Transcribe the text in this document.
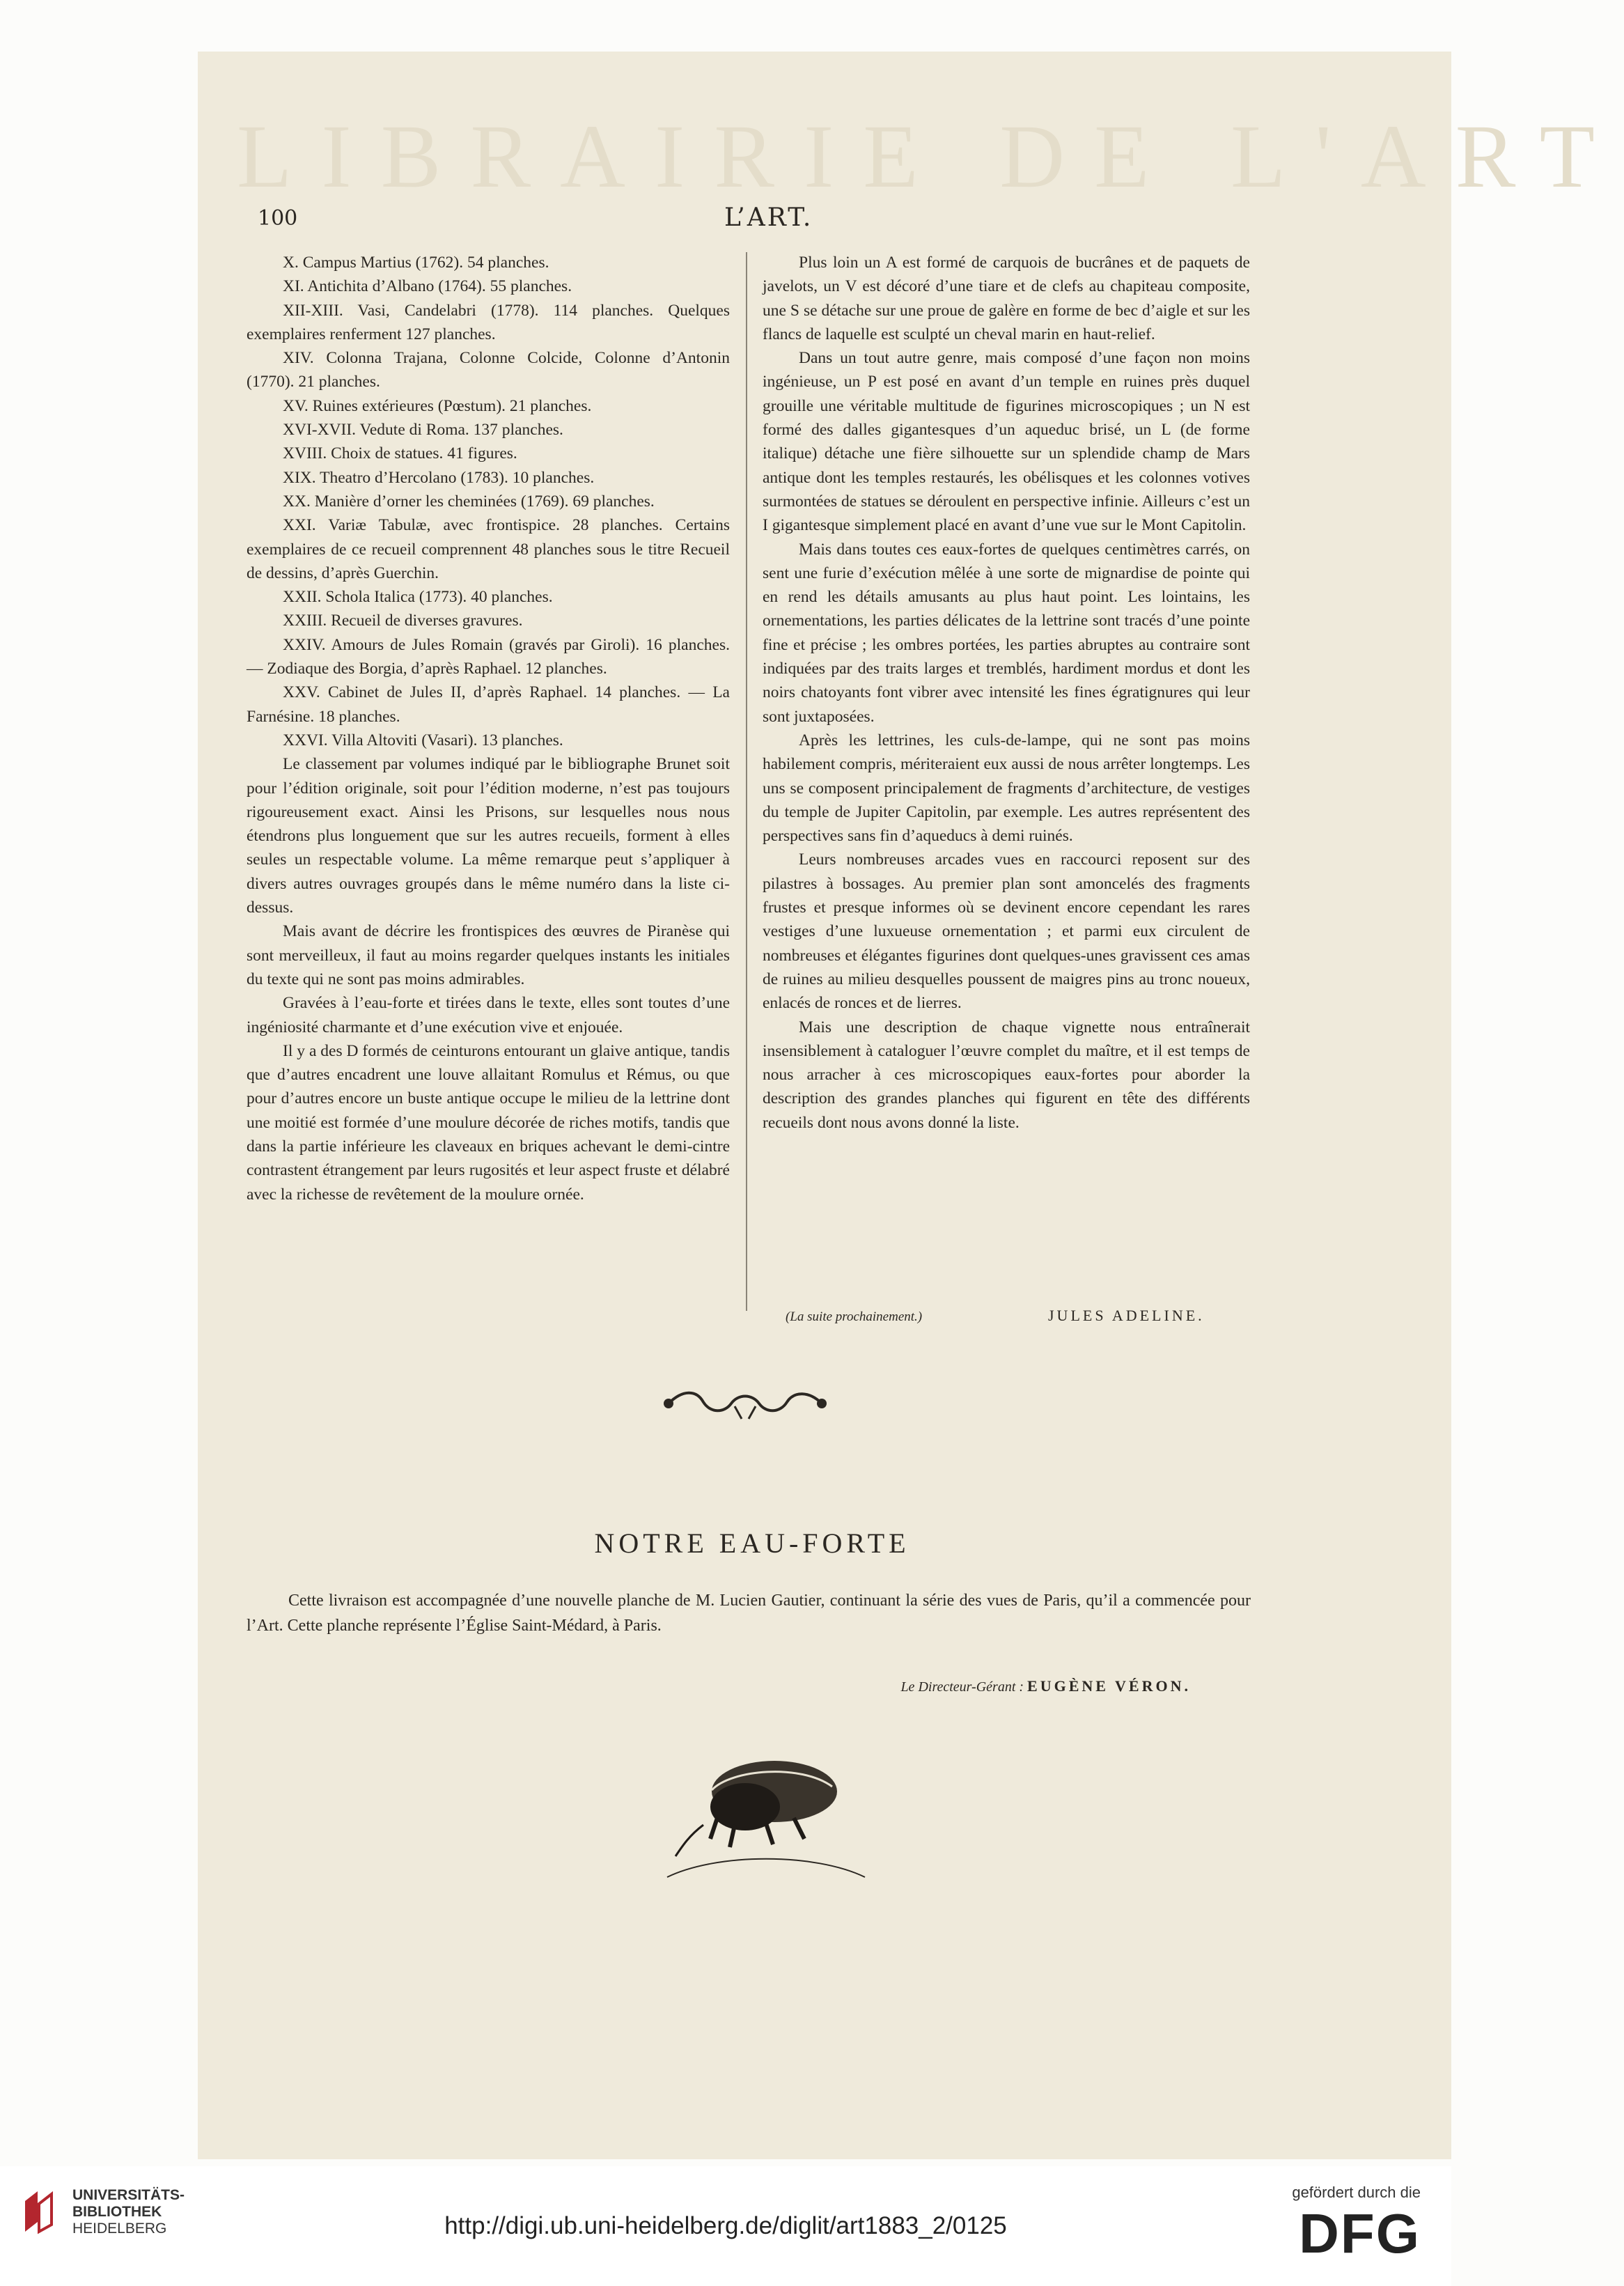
LIBRAIRIE DE L'ART
100	L’ART.

X. Campus Martius (1762). 54 planches.

XI. Antichita d’Albano (1764). 55 planches.

XII-XIII. Vasi, Candelabri (1778). 114 planches. Quelques exemplaires renferment 127 planches.

XIV. Colonna Trajana, Colonne Colcide, Colonne d’Antonin (1770). 21 planches.

XV. Ruines extérieures (Pœstum). 21 planches.

XVI-XVII. Vedute di Roma. 137 planches.

XVIII. Choix de statues. 41 figures.

XIX. Theatro d’Hercolano (1783). 10 planches.

XX. Manière d’orner les cheminées (1769). 69 planches.

XXI. Variæ Tabulæ, avec frontispice. 28 planches. Certains exemplaires de ce recueil comprennent 48 planches sous le titre Recueil de dessins, d’après Guerchin.

XXII. Schola Italica (1773). 40 planches.

XXIII. Recueil de diverses gravures.

XXIV. Amours de Jules Romain (gravés par Giroli). 16 planches. — Zodiaque des Borgia, d’après Raphael. 12 planches.

XXV. Cabinet de Jules II, d’après Raphael. 14 planches. — La Farnésine. 18 planches.

XXVI. Villa Altoviti (Vasari). 13 planches.

Le classement par volumes indiqué par le bibliographe Brunet soit pour l’édition originale, soit pour l’édition moderne, n’est pas toujours rigoureusement exact. Ainsi les Prisons, sur lesquelles nous nous étendrons plus longuement que sur les autres recueils, forment à elles seules un respectable volume. La même remarque peut s’appliquer à divers autres ouvrages groupés dans le même numéro dans la liste ci-dessus.

Mais avant de décrire les frontispices des œuvres de Piranèse qui sont merveilleux, il faut au moins regarder quelques instants les initiales du texte qui ne sont pas moins admirables.

Gravées à l’eau-forte et tirées dans le texte, elles sont toutes d’une ingéniosité charmante et d’une exécution vive et enjouée.

Il y a des D formés de ceinturons entourant un glaive antique, tandis que d’autres encadrent une louve allaitant Romulus et Rémus, ou que pour d’autres encore un buste antique occupe le milieu de la lettrine dont une moitié est formée d’une moulure décorée de riches motifs, tandis que dans la partie inférieure les claveaux en briques achevant le demi-cintre contrastent étrangement par leurs rugosités et leur aspect fruste et délabré avec la richesse de revêtement de la moulure ornée.

Plus loin un A est formé de carquois de bucrânes et de paquets de javelots, un V est décoré d’une tiare et de clefs au chapiteau composite, une S se détache sur une proue de galère en forme de bec d’aigle et sur les flancs de laquelle est sculpté un cheval marin en haut-relief.

Dans un tout autre genre, mais composé d’une façon non moins ingénieuse, un P est posé en avant d’un temple en ruines près duquel grouille une véritable multitude de figurines microscopiques ; un N est formé des dalles gigantesques d’un aqueduc brisé, un L (de forme italique) détache une fière silhouette sur un splendide champ de Mars antique dont les temples restaurés, les obélisques et les colonnes votives surmontées de statues se déroulent en perspective infinie. Ailleurs c’est un I gigantesque simplement placé en avant d’une vue sur le Mont Capitolin.

Mais dans toutes ces eaux-fortes de quelques centimètres carrés, on sent une furie d’exécution mêlée à une sorte de mignardise de pointe qui en rend les détails amusants au plus haut point. Les lointains, les ornementations, les parties délicates de la lettrine sont tracés d’une pointe fine et précise ; les ombres portées, les parties abruptes au contraire sont indiquées par des traits larges et tremblés, hardiment mordus et dont les noirs chatoyants font vibrer avec intensité les fines égratignures qui leur sont juxtaposées.

Après les lettrines, les culs-de-lampe, qui ne sont pas moins habilement compris, mériteraient eux aussi de nous arrêter longtemps. Les uns se composent principalement de fragments d’architecture, de vestiges du temple de Jupiter Capitolin, par exemple. Les autres représentent des perspectives sans fin d’aqueducs à demi ruinés.

Leurs nombreuses arcades vues en raccourci reposent sur des pilastres à bossages. Au premier plan sont amoncelés des fragments frustes et presque informes où se devinent encore cependant les rares vestiges d’une luxueuse ornementation ; et parmi eux circulent de nombreuses et élégantes figurines dont quelques-unes gravissent ces amas de ruines au milieu desquelles poussent de maigres pins au tronc noueux, enlacés de ronces et de lierres.

Mais une description de chaque vignette nous entraînerait insensiblement à cataloguer l’œuvre complet du maître, et il est temps de nous arracher à ces microscopiques eaux-fortes pour aborder la description des grandes planches qui figurent en tête des différents recueils dont nous avons donné la liste.

(La suite prochainement.)	JULES ADELINE.
NOTRE EAU-FORTE

Cette livraison est accompagnée d’une nouvelle planche de M. Lucien Gautier, continuant la série des vues de Paris, qu’il a commencée pour l’Art. Cette planche représente l’Église Saint-Médard, à Paris.

Le Directeur-Gérant : EUGÈNE VÉRON.
UNIVERSITÄTS-
BIBLIOTHEK
HEIDELBERG	http://digi.ub.uni-heidelberg.de/diglit/art1883_2/0125
gefördert durch die
DFG
